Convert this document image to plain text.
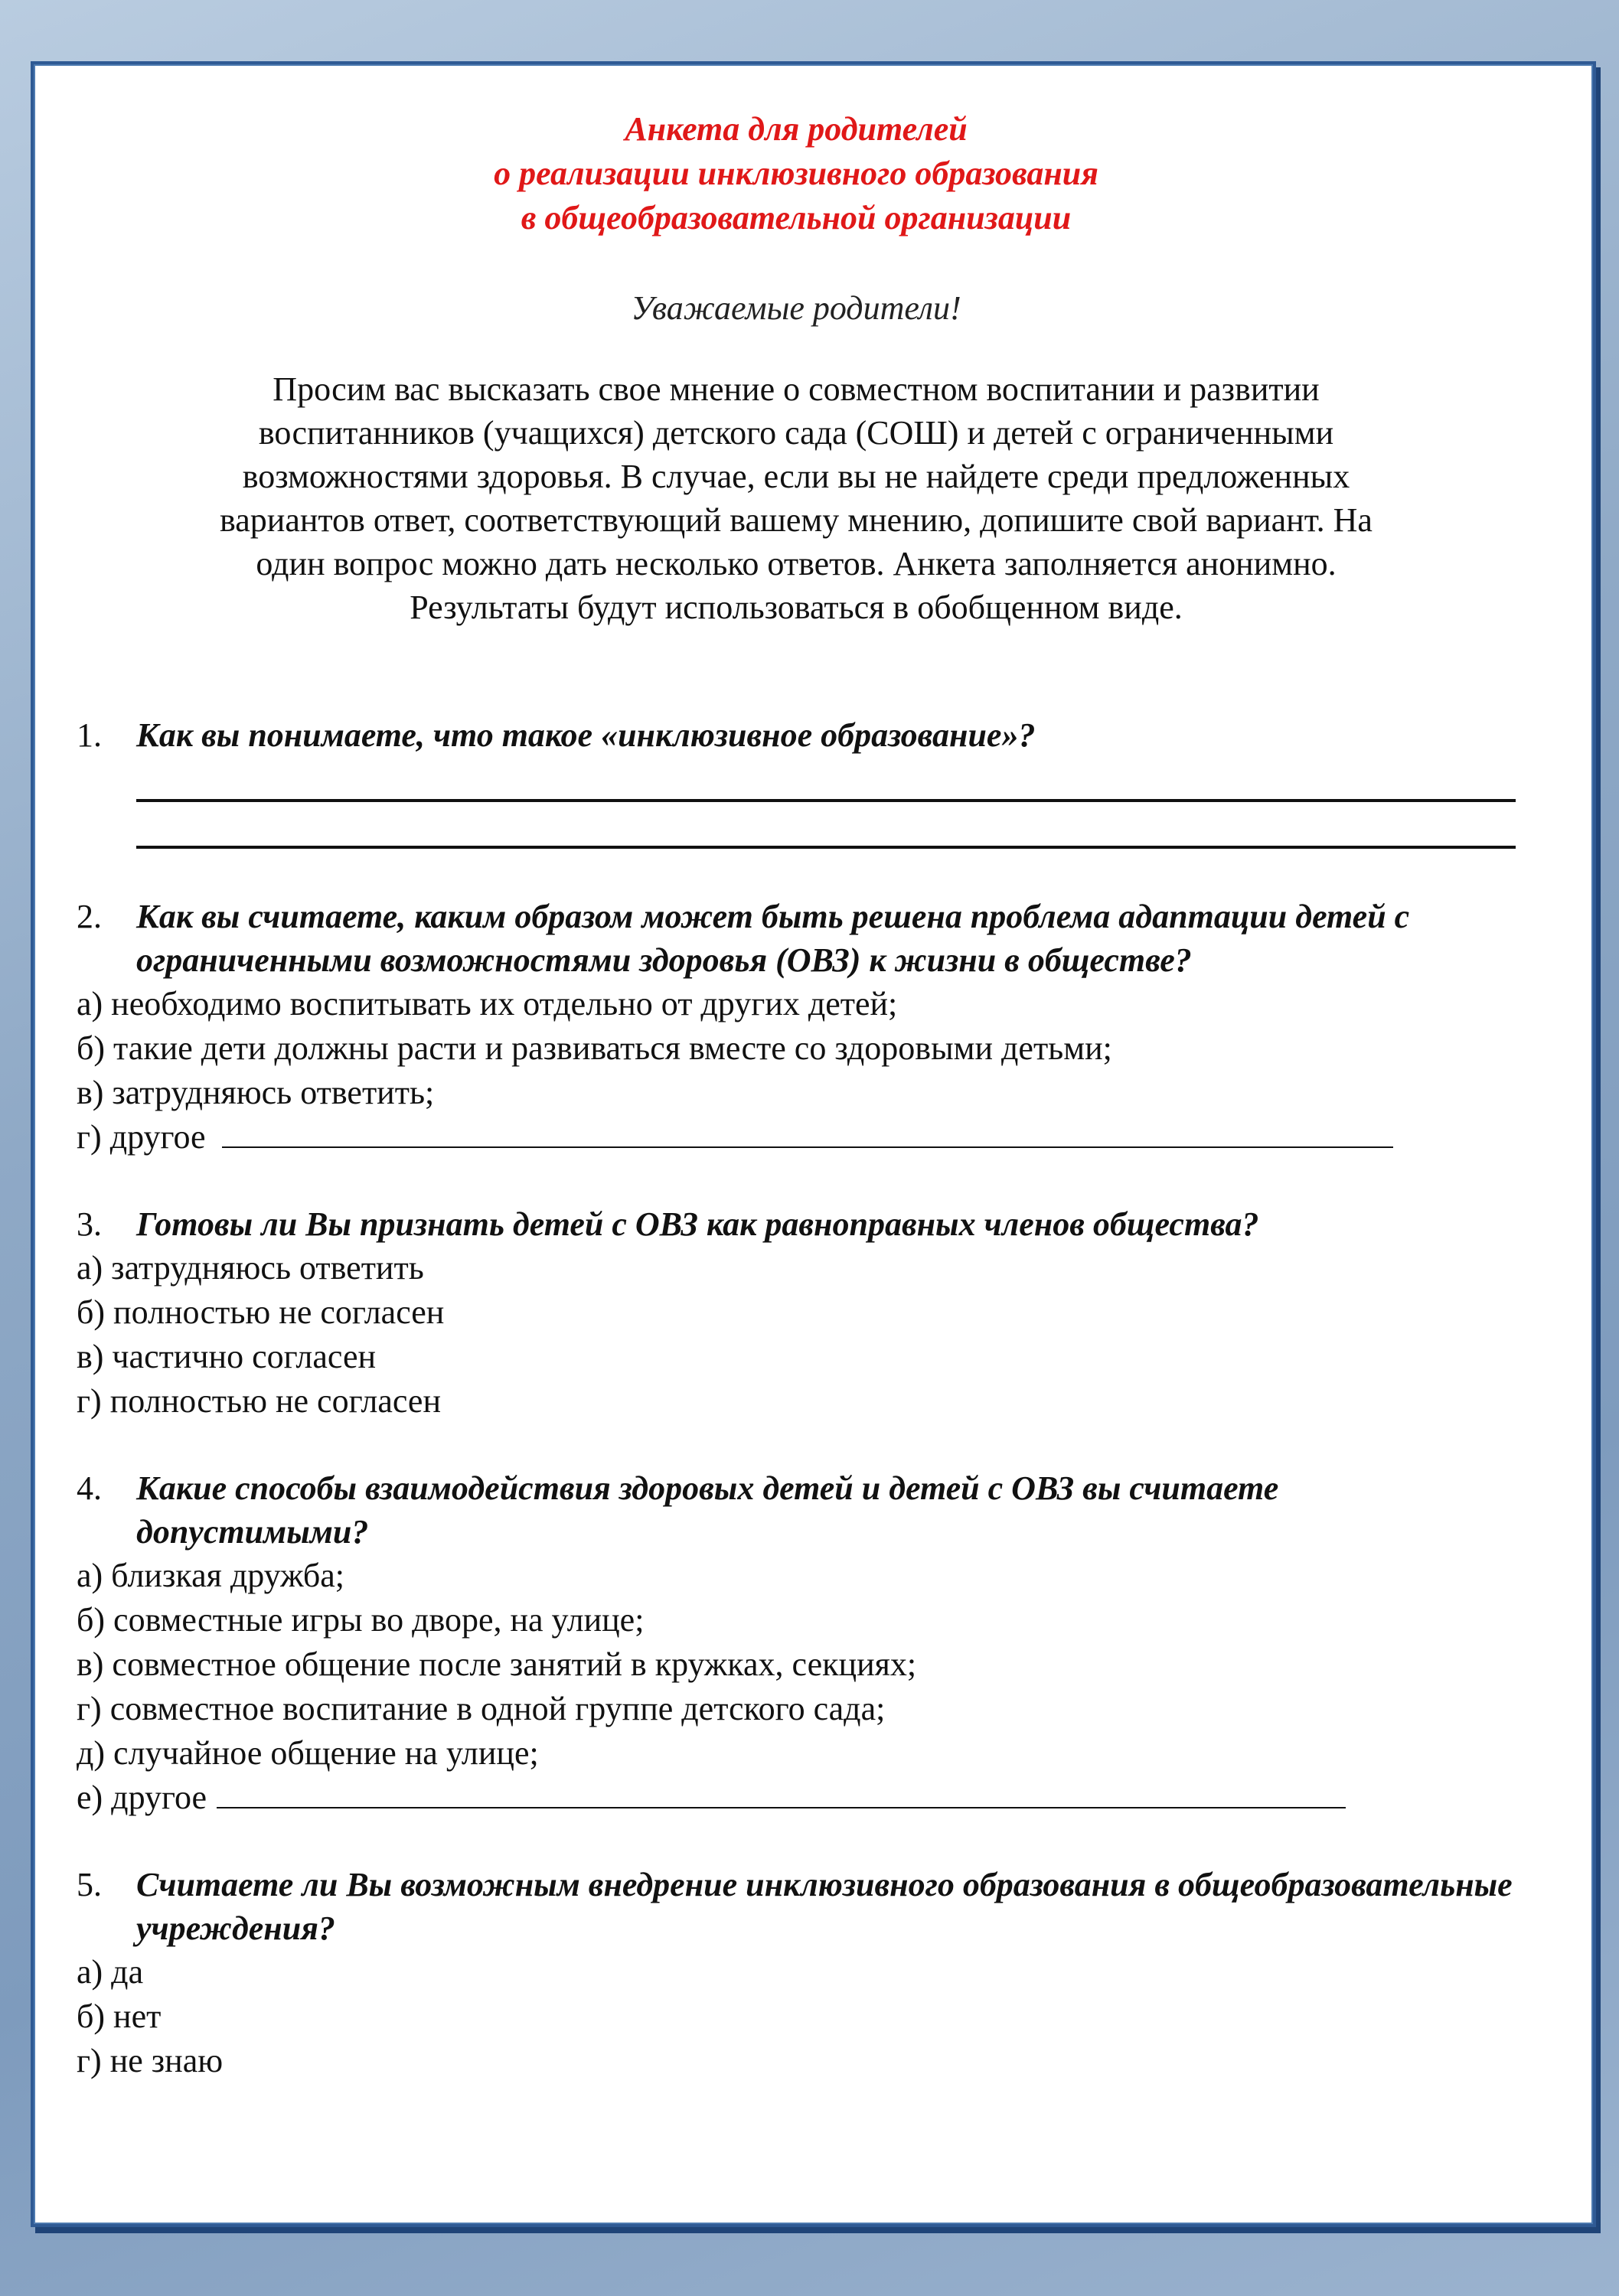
Анкета для родителей
о реализации инклюзивного образования
в общеобразовательной организации
Уважаемые родители!
Просим вас высказать свое мнение о совместном воспитании и развитии
воспитанников (учащихся) детского сада (СОШ) и детей с ограниченными
возможностями здоровья. В случае, если вы не найдете среди предложенных
вариантов ответ, соответствующий вашему мнению, допишите свой вариант. На
один вопрос можно дать несколько ответов. Анкета заполняется анонимно.
Результаты будут использоваться в обобщенном виде.
1.	Как вы понимаете, что такое «инклюзивное образование»?
2.	Как вы считаете, каким образом может быть решена проблема адаптации детей с ограниченными возможностями здоровья (ОВЗ) к жизни в обществе?
а) необходимо воспитывать их отдельно от других детей;
б) такие дети должны расти и развиваться вместе со здоровыми детьми;
в) затрудняюсь ответить;
г) другое
3.	Готовы ли Вы признать детей с ОВЗ как равноправных членов общества?
а) затрудняюсь ответить
б) полностью не согласен
в) частично согласен
г) полностью не согласен
4.	Какие способы взаимодействия здоровых детей и детей с ОВЗ вы считаете допустимыми?
а) близкая дружба;
б) совместные игры во дворе, на улице;
в) совместное общение после занятий в кружках, секциях;
г) совместное воспитание в одной группе детского сада;
д) случайное общение на улице;
е) другое
5.	Считаете ли Вы возможным внедрение инклюзивного образования в общеобразовательные учреждения?
а) да
б) нет
г) не знаю
